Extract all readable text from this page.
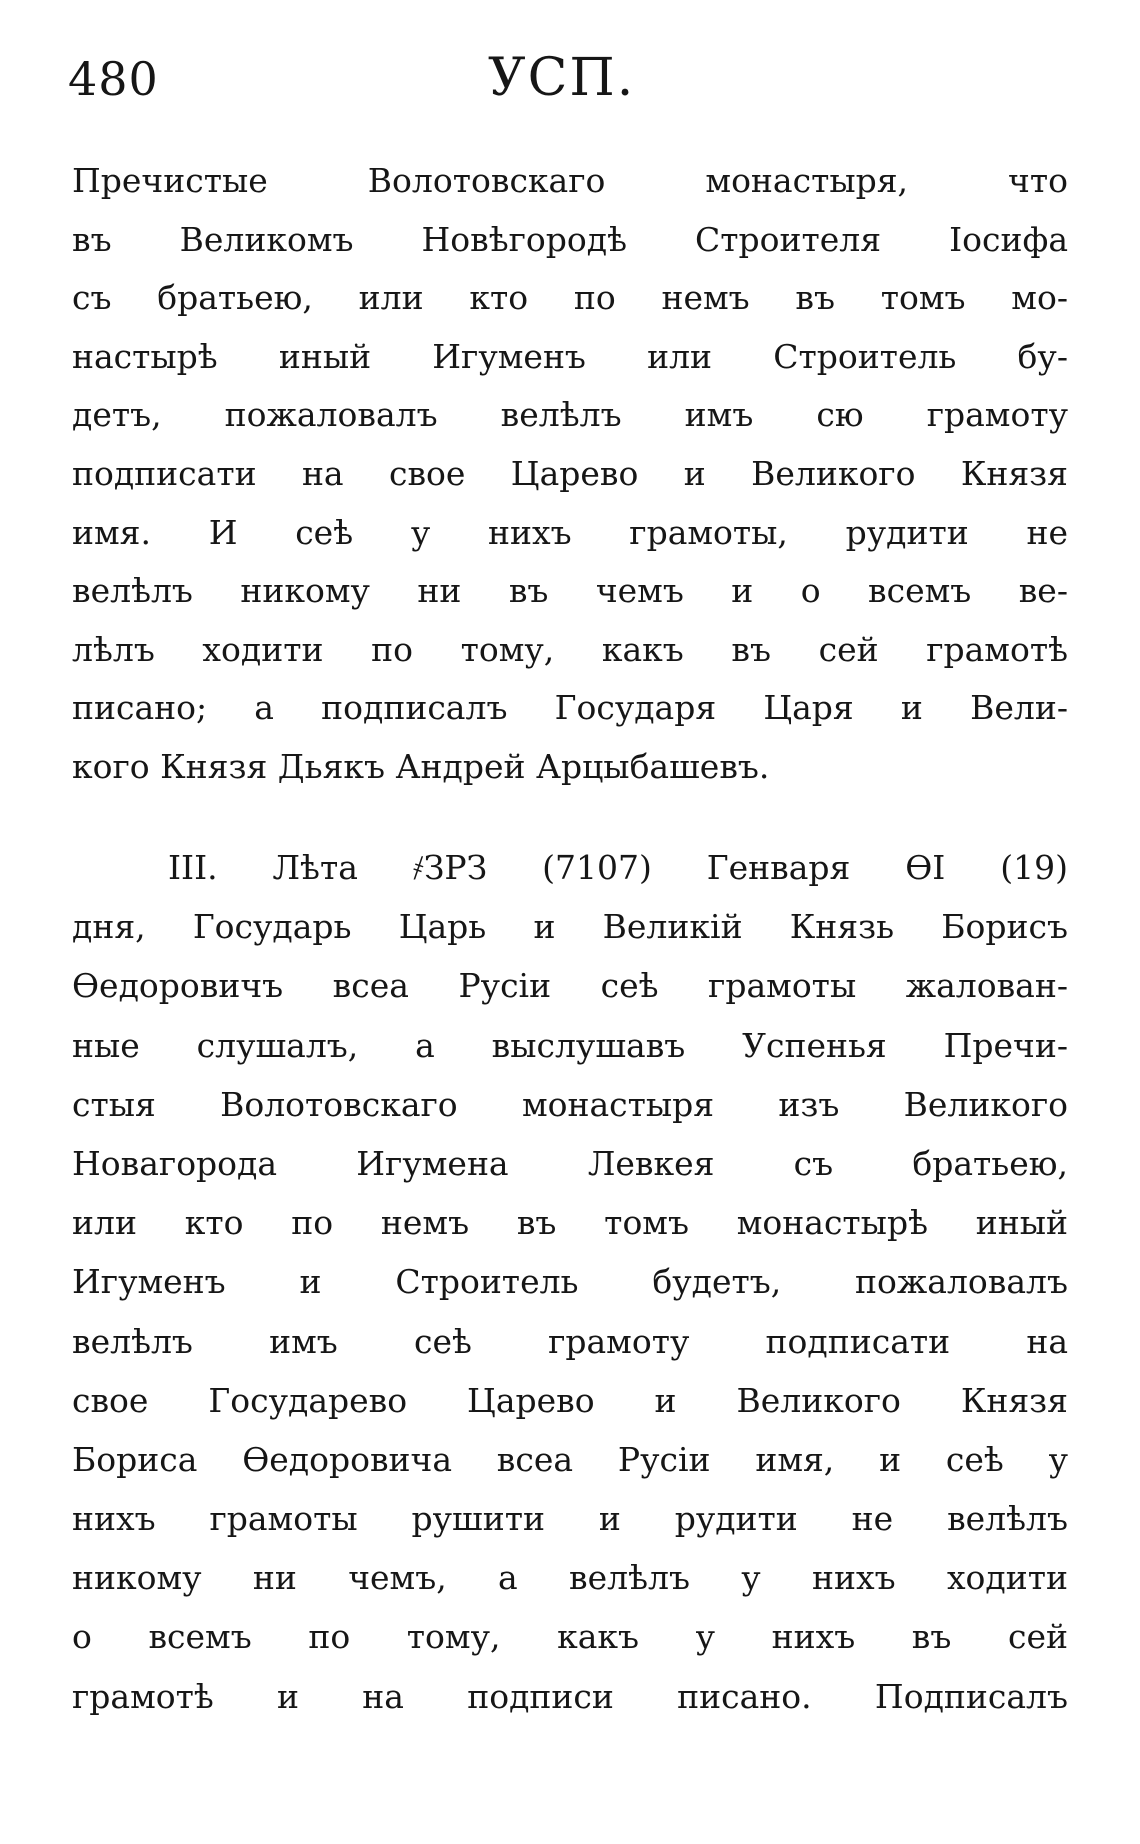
480	УСП.
Пречистые Волотовскаго монастыря, что
въ Великомъ Новѣгородѣ Строителя Іосифа
съ братьею, или кто по немъ въ томъ мо-
настырѣ иный Игуменъ или Строитель бу-
детъ, пожаловалъ велѣлъ имъ сю грамоту
подписати на свое Царево и Великого Князя
имя. И сеѣ у нихъ грамоты, рудити не
велѣлъ никому ни въ чемъ и о всемъ ве-
лѣлъ ходити по тому, какъ въ сей грамотѣ
писано; а подписалъ Государя Царя и Вели-
кого Князя Дьякъ Андрей Арцыбашевъ.
III. Лѣта ҂ЗРЗ (7107) Генваря ѲІ (19)
дня, Государь Царь и Великій Князь Борисъ
Ѳедоровичъ всеа Русіи сеѣ грамоты жалован-
ные слушалъ, а выслушавъ Успенья Пречи-
стыя Волотовскаго монастыря изъ Великого
Новагорода Игумена Левкея съ братьею,
или кто по немъ въ томъ монастырѣ иный
Игуменъ и Строитель будетъ, пожаловалъ
велѣлъ имъ сеѣ грамоту подписати на
свое Государево Царево и Великого Князя
Бориса Ѳедоровича всеа Русіи имя, и сеѣ у
нихъ грамоты рушити и рудити не велѣлъ
никому ни чемъ, а велѣлъ у нихъ ходити
о всемъ по тому, какъ у нихъ въ сей
грамотѣ и на подписи писано. Подписалъ
